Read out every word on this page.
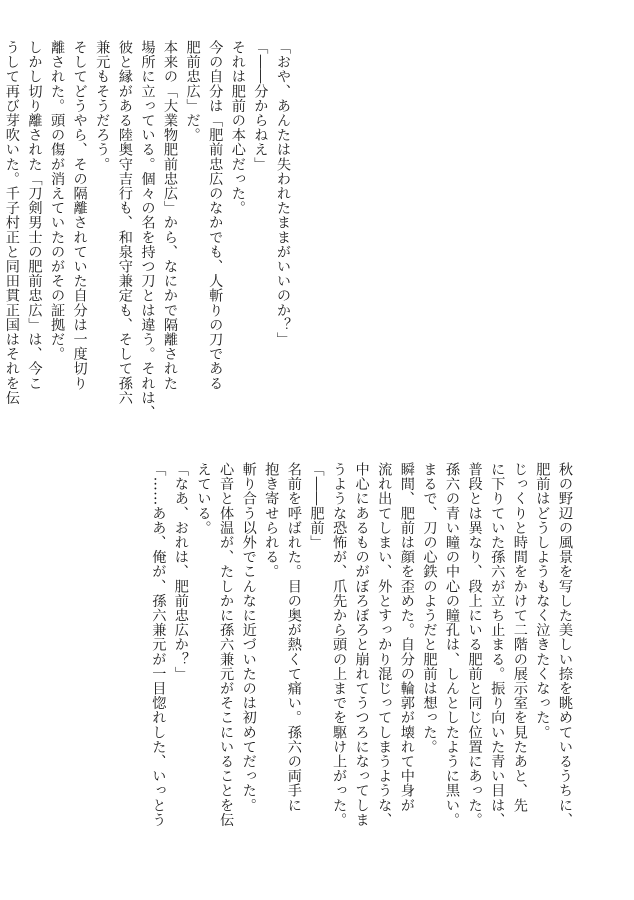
「おや、あんたは失われたままがいいのか？」
「――分からねえ」
それは肥前の本心だった。
今の自分は「肥前忠広のなかでも、人斬りの刀である
肥前忠広」だ。
本来の「大業物肥前忠広」から、なにかで隔離された
場所に立っている。個々の名を持つ刀とは違う。それは、
彼と縁がある陸奥守吉行も、和泉守兼定も、そして孫六
兼元もそうだろう。
そしてどうやら、その隔離されていた自分は一度切り
離された。頭の傷が消えていたのがその証拠だ。
しかし切り離された「刀剣男士の肥前忠広」は、今こ
うして再び芽吹いた。千子村正と同田貫正国はそれを伝
秋の野辺の風景を写した美しい捺を眺めているうちに、
肥前はどうしようもなく泣きたくなった。
じっくりと時間をかけて二階の展示室を見たあと、先
に下りていた孫六が立ち止まる。振り向いた青い目は、
普段とは異なり、段上にいる肥前と同じ位置にあった。
孫六の青い瞳の中心の瞳孔は、しんとしたように黒い。
まるで、刀の心鉄のようだと肥前は想った。
瞬間、肥前は顔を歪めた。自分の輪郭が壊れて中身が
流れ出てしまい、外とすっかり混じってしまうような、
中心にあるものがぼろぼろと崩れてうつろになってしま
うような恐怖が、爪先から頭の上までを駆け上がった。
「――肥前」
名前を呼ばれた。目の奥が熱くて痛い。孫六の両手に
抱き寄せられる。
斬り合う以外でこんなに近づいたのは初めてだった。
心音と体温が、たしかに孫六兼元がそこにいることを伝
えている。
「なあ、おれは、肥前忠広か？」
「……ああ、俺が、孫六兼元が一目惚れした、いっとう
